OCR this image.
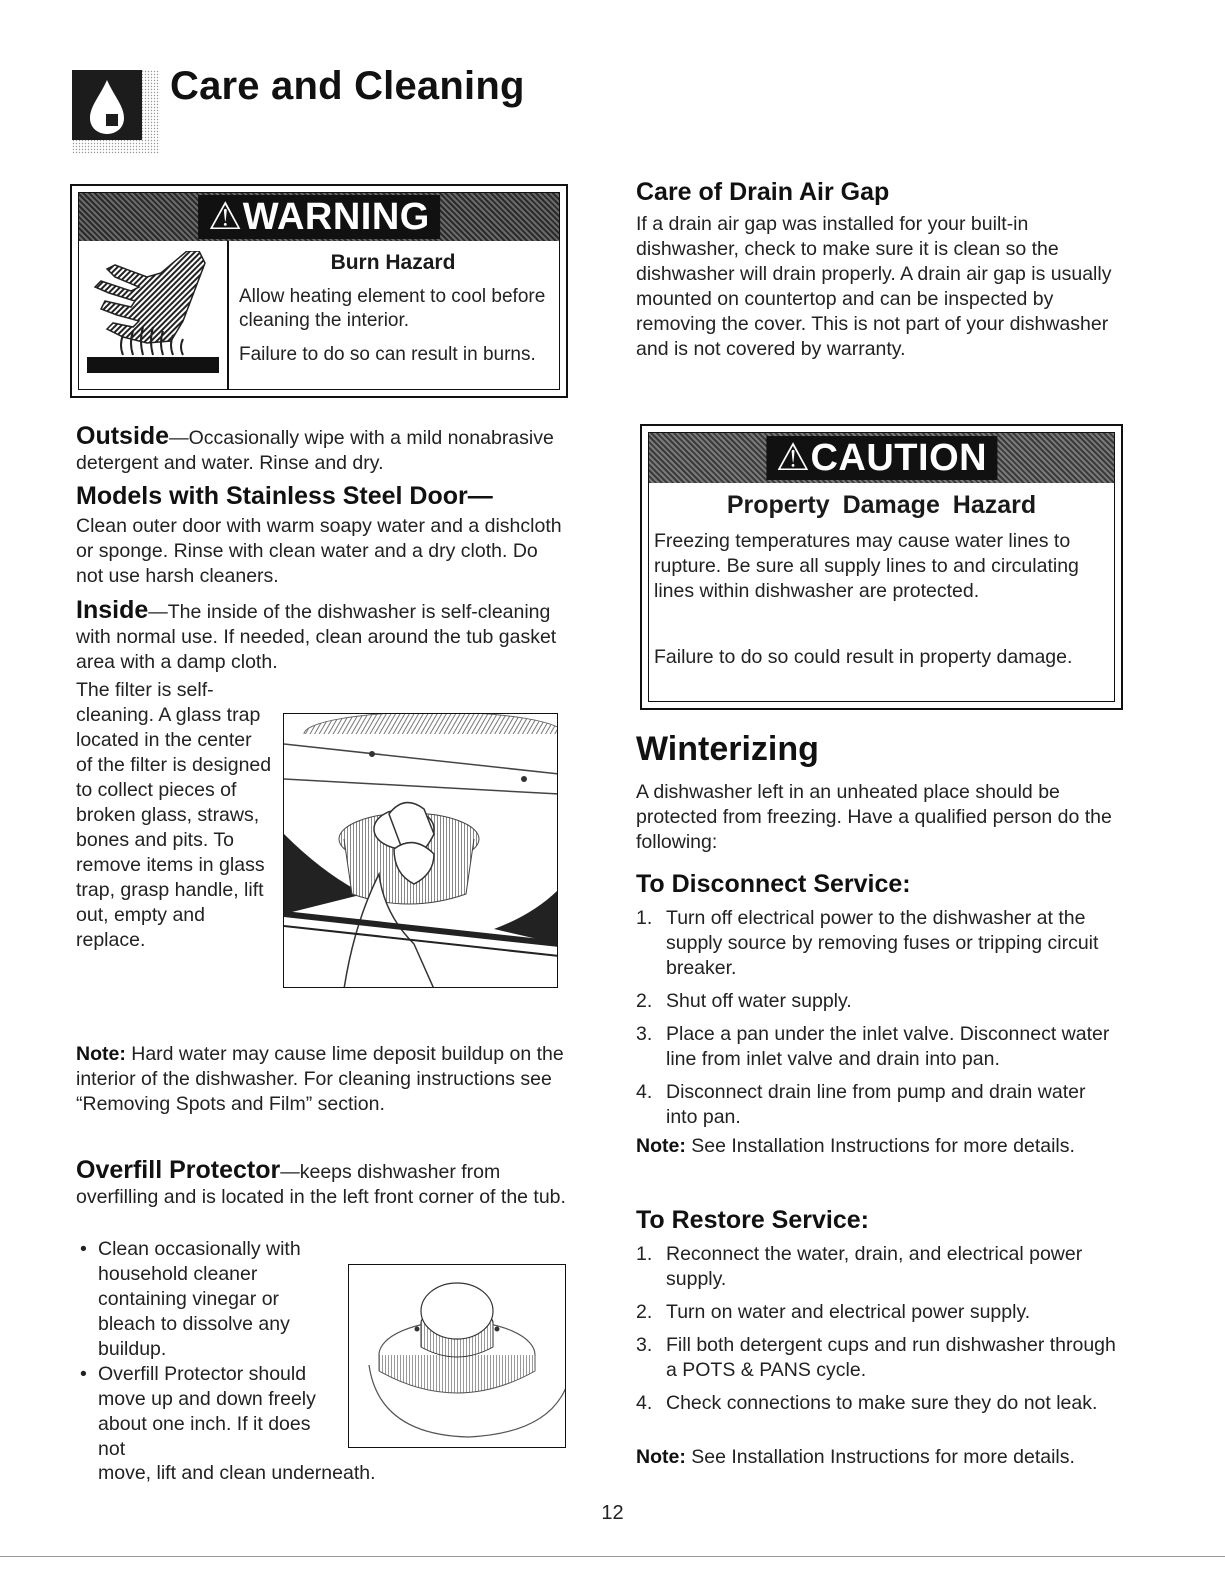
Care and Cleaning
⚠WARNING
Burn Hazard
Allow heating element to cool before cleaning the interior.
Failure to do so can result in burns.
Outside—Occasionally wipe with a mild nonabrasive detergent and water. Rinse and dry.
Models with Stainless Steel Door—
Clean outer door with warm soapy water and a dishcloth or sponge. Rinse with clean water and a dry cloth. Do not use harsh cleaners.
Inside—The inside of the dishwasher is self-cleaning with normal use. If needed, clean around the tub gasket area with a damp cloth.
The filter is self-cleaning. A glass trap located in the center of the filter is designed to collect pieces of broken glass, straws, bones and pits. To remove items in glass trap, grasp handle, lift out, empty and replace.
Note: Hard water may cause lime deposit buildup on the interior of the dishwasher. For cleaning instructions see “Removing Spots and Film” section.
Overfill Protector—keeps dishwasher from overfilling and is located in the left front corner of the tub.
• Clean occasionally with household cleaner containing vinegar or bleach to dissolve any buildup.
• Overfill Protector should move up and down freely about one inch. If it does not
move, lift and clean underneath.
Care of Drain Air Gap
If a drain air gap was installed for your built-in dishwasher, check to make sure it is clean so the dishwasher will drain properly. A drain air gap is usually mounted on countertop and can be inspected by removing the cover. This is not part of your dishwasher and is not covered by warranty.
⚠CAUTION
Property Damage Hazard
Freezing temperatures may cause water lines to rupture. Be sure all supply lines to and circulating lines within dishwasher are protected.
Failure to do so could result in property damage.
Winterizing
A dishwasher left in an unheated place should be protected from freezing. Have a qualified person do the following:
To Disconnect Service:
1. Turn off electrical power to the dishwasher at the supply source by removing fuses or tripping circuit breaker.
2. Shut off water supply.
3. Place a pan under the inlet valve. Disconnect water line from inlet valve and drain into pan.
4. Disconnect drain line from pump and drain water into pan.
Note: See Installation Instructions for more details.
To Restore Service:
1. Reconnect the water, drain, and electrical power supply.
2. Turn on water and electrical power supply.
3. Fill both detergent cups and run dishwasher through a POTS & PANS cycle.
4. Check connections to make sure they do not leak.
Note: See Installation Instructions for more details.
12
